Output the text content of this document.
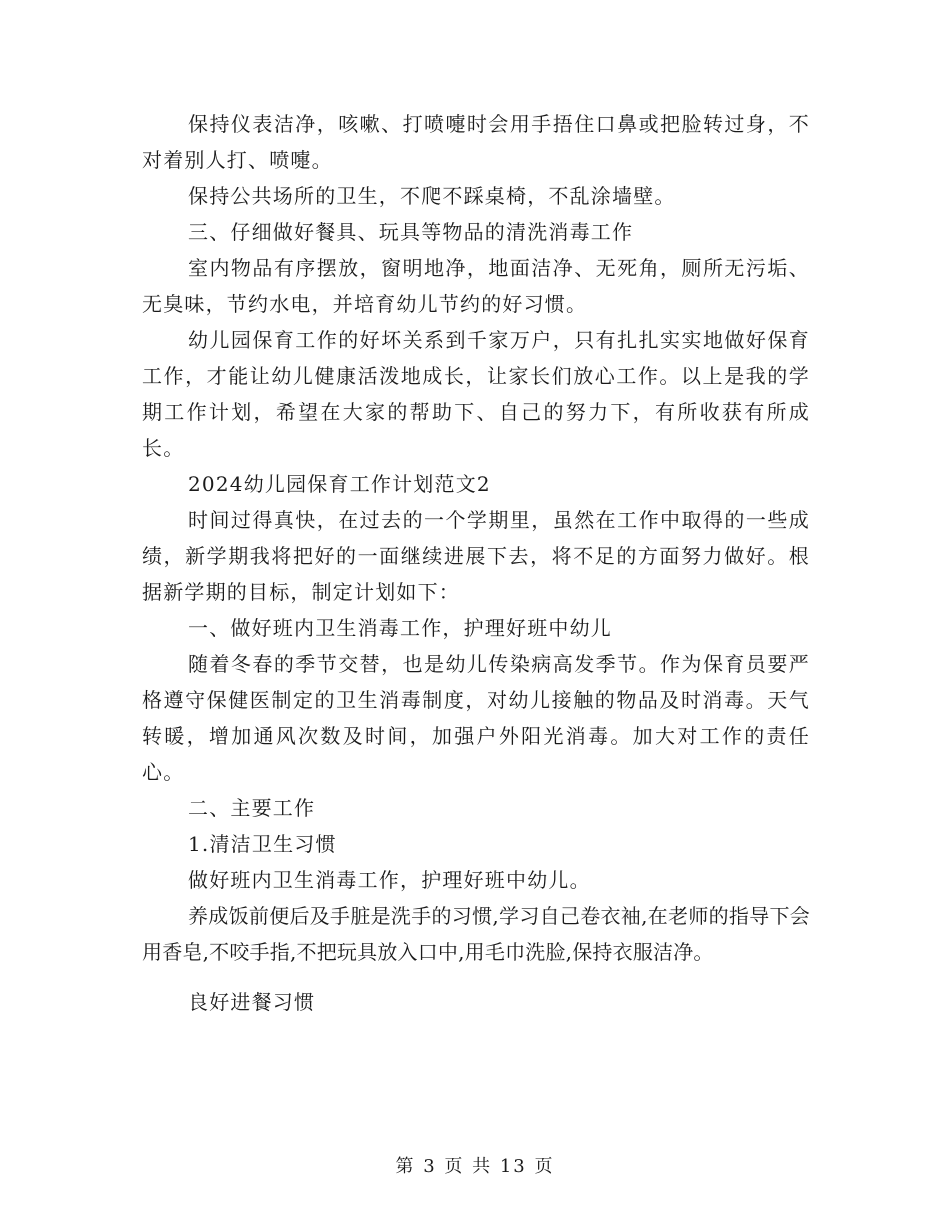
保持仪表洁净，咳嗽、打喷嚏时会用手捂住口鼻或把脸转过身，不对着别人打、喷嚏。

保持公共场所的卫生，不爬不踩桌椅，不乱涂墙壁。

三、仔细做好餐具、玩具等物品的清洗消毒工作

室内物品有序摆放，窗明地净，地面洁净、无死角，厕所无污垢、无臭味，节约水电，并培育幼儿节约的好习惯。

幼儿园保育工作的好坏关系到千家万户，只有扎扎实实地做好保育工作，才能让幼儿健康活泼地成长，让家长们放心工作。以上是我的学期工作计划，希望在大家的帮助下、自己的努力下，有所收获有所成长。

2024幼儿园保育工作计划范文2

时间过得真快，在过去的一个学期里，虽然在工作中取得的一些成绩，新学期我将把好的一面继续进展下去，将不足的方面努力做好。根据新学期的目标，制定计划如下：

一、做好班内卫生消毒工作，护理好班中幼儿

随着冬春的季节交替，也是幼儿传染病高发季节。作为保育员要严格遵守保健医制定的卫生消毒制度，对幼儿接触的物品及时消毒。天气转暖，增加通风次数及时间，加强户外阳光消毒。加大对工作的责任心。

二、主要工作

1.清洁卫生习惯

做好班内卫生消毒工作，护理好班中幼儿。

养成饭前便后及手脏是洗手的习惯,学习自己卷衣袖,在老师的指导下会用香皂,不咬手指,不把玩具放入口中,用毛巾洗脸,保持衣服洁净。

良好进餐习惯

第 3 页 共 13 页
